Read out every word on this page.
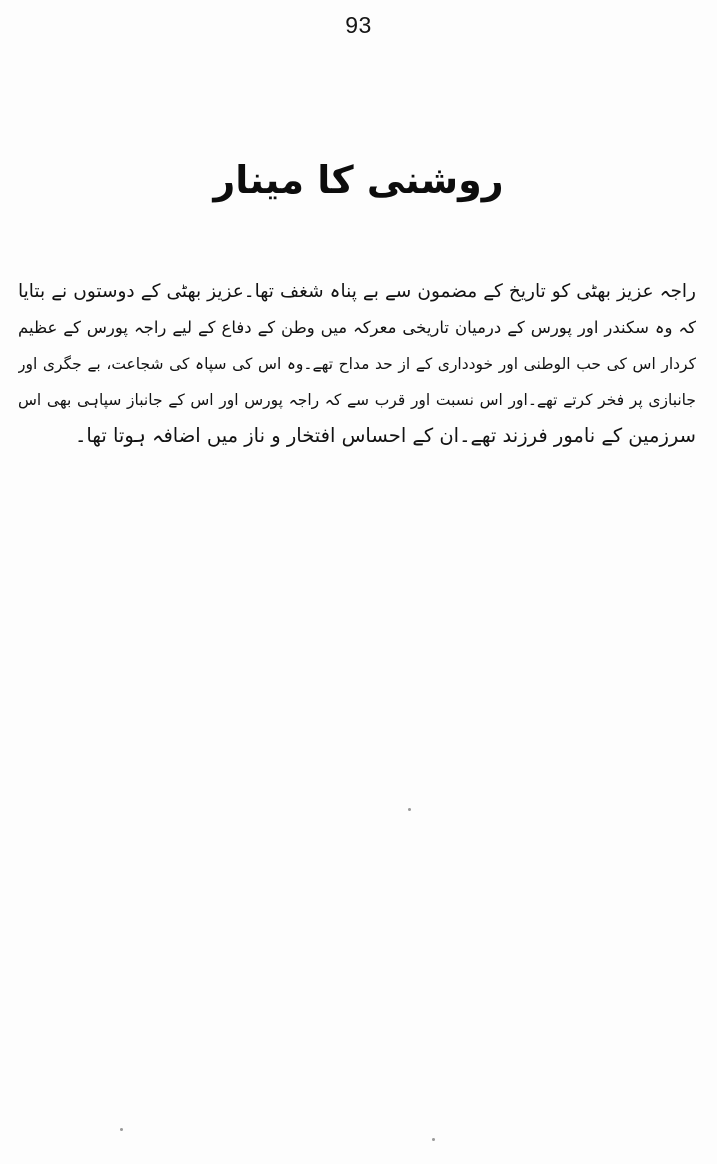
93
روشنی کا مینار
راجہ عزیز بھٹی کو تاریخ کے مضمون سے بے پناہ شغف تھا۔عزیز بھٹی کے دوستوں نے بتایا
کہ وہ سکندر اور پورس کے درمیان تاریخی معرکہ میں وطن کے دفاع کے لیے راجہ پورس کے عظیم
کردار اس کی حب الوطنی اور خودداری کے از حد مداح تھے۔وہ اس کی سپاہ کی شجاعت، بے جگری اور
جانبازی پر فخر کرتے تھے۔اور اس نسبت اور قرب سے کہ راجہ پورس اور اس کے جانباز سپاہی بھی اس
سرزمین کے نامور فرزند تھے۔ان کے احساس افتخار و ناز میں اضافہ ہوتا تھا۔
